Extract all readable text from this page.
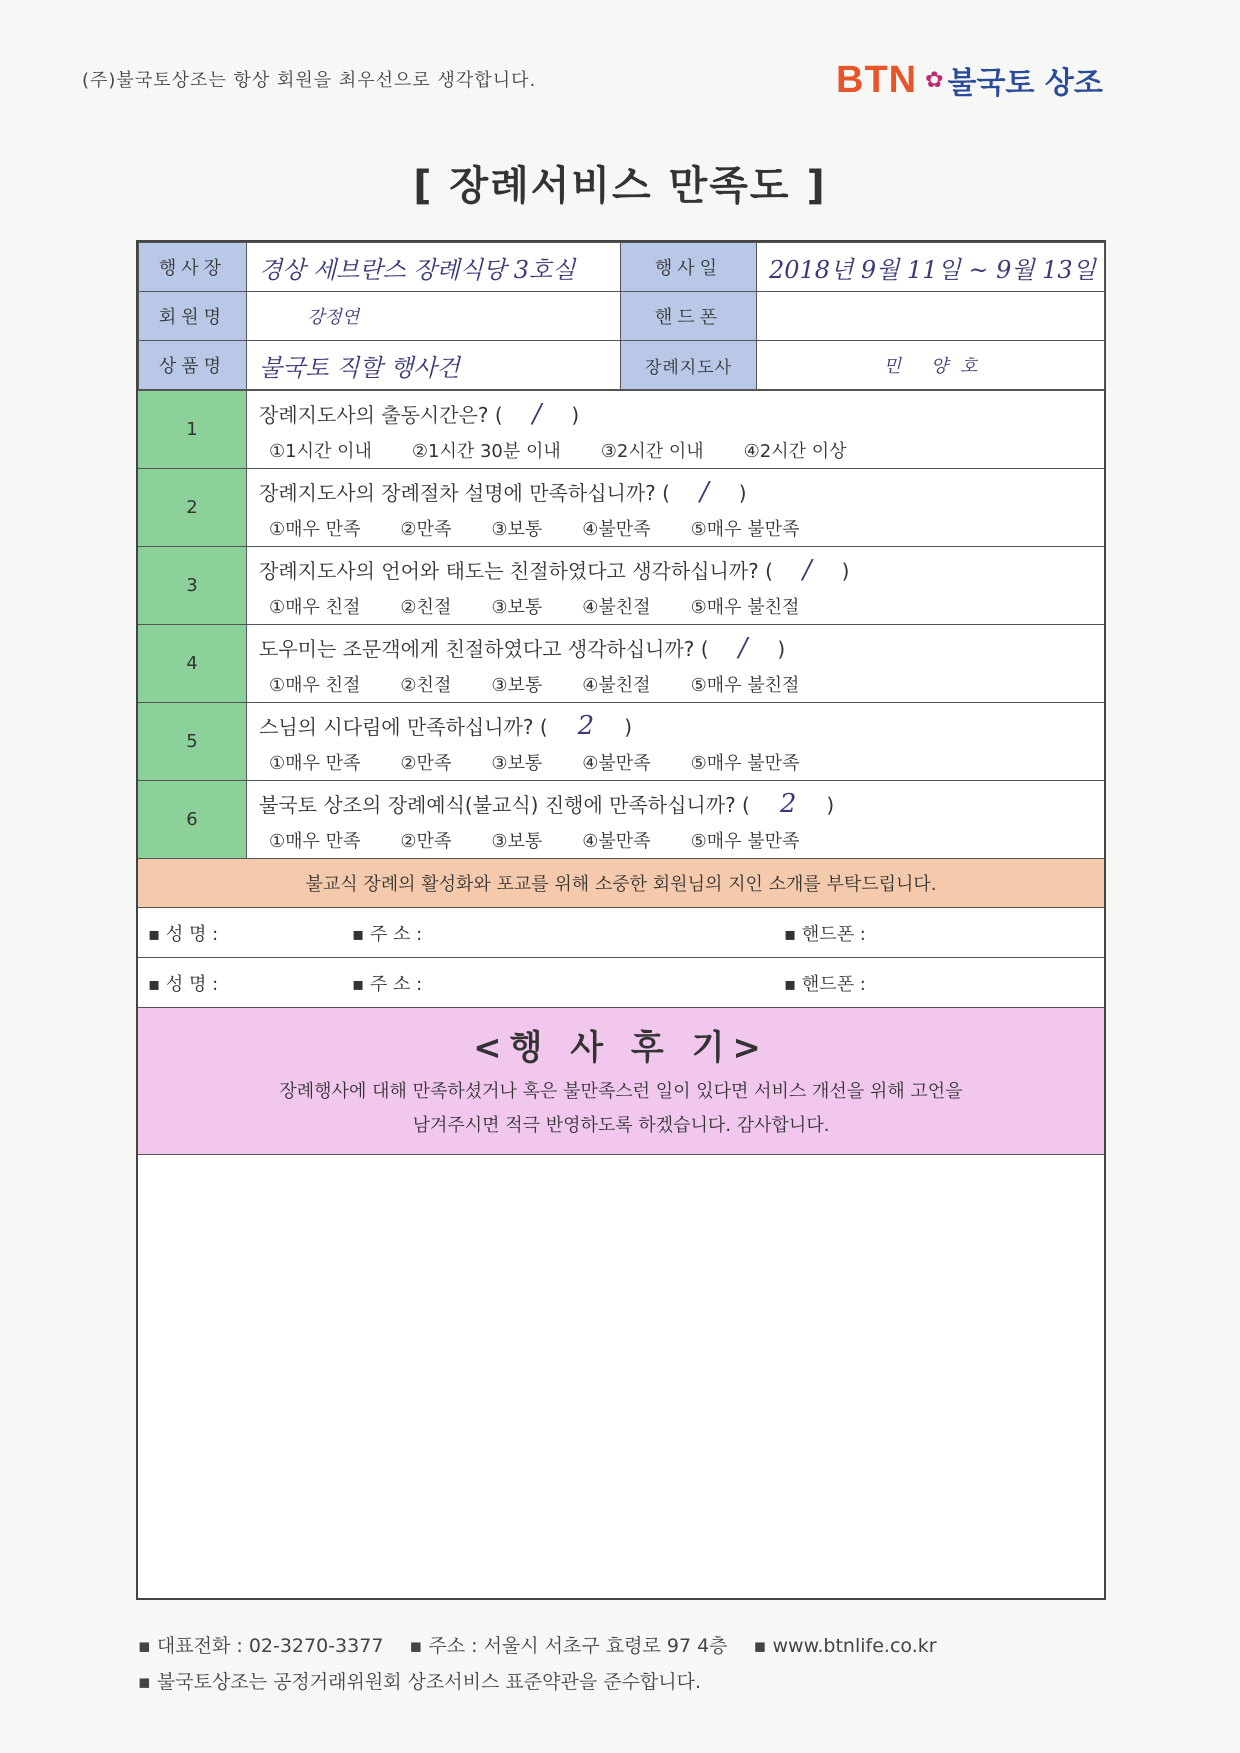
(주)불국토상조는 항상 회원을 최우선으로 생각합니다.	BTN ✿ 불국토 상조
[ 장례서비스 만족도 ]
행사장	경상 세브란스 장례식당 3호실	행사일	2018년 9월 11일 ~ 9월 13일
회원명	강정연	핸드폰	
상품명	불국토 직할 행사건	장례지도사	민 양호
1
장례지도사의 출동시간은? ( / )
①1시간 이내 ②1시간 30분 이내 ③2시간 이내 ④2시간 이상
2
장례지도사의 장례절차 설명에 만족하십니까? ( / )
①매우 만족 ②만족 ③보통 ④불만족 ⑤매우 불만족
3
장례지도사의 언어와 태도는 친절하였다고 생각하십니까? ( / )
①매우 친절 ②친절 ③보통 ④불친절 ⑤매우 불친절
4
도우미는 조문객에게 친절하였다고 생각하십니까? ( / )
①매우 친절 ②친절 ③보통 ④불친절 ⑤매우 불친절
5
스님의 시다림에 만족하십니까? ( 2 )
①매우 만족 ②만족 ③보통 ④불만족 ⑤매우 불만족
6
불국토 상조의 장례예식(불교식) 진행에 만족하십니까? ( 2 )
①매우 만족 ②만족 ③보통 ④불만족 ⑤매우 불만족
불교식 장례의 활성화와 포교를 위해 소중한 회원님의 지인 소개를 부탁드립니다.
▪ 성 명 :	▪ 주 소 :	▪ 핸드폰 :
▪ 성 명 :	▪ 주 소 :	▪ 핸드폰 :
<행 사 후 기>
장례행사에 대해 만족하셨거나 혹은 불만족스런 일이 있다면 서비스 개선을 위해 고언을
남겨주시면 적극 반영하도록 하겠습니다. 감사합니다.
▪ 대표전화 : 02-3270-3377 ▪ 주소 : 서울시 서초구 효령로 97 4층 ▪ www.btnlife.co.kr
▪ 불국토상조는 공정거래위원회 상조서비스 표준약관을 준수합니다.
